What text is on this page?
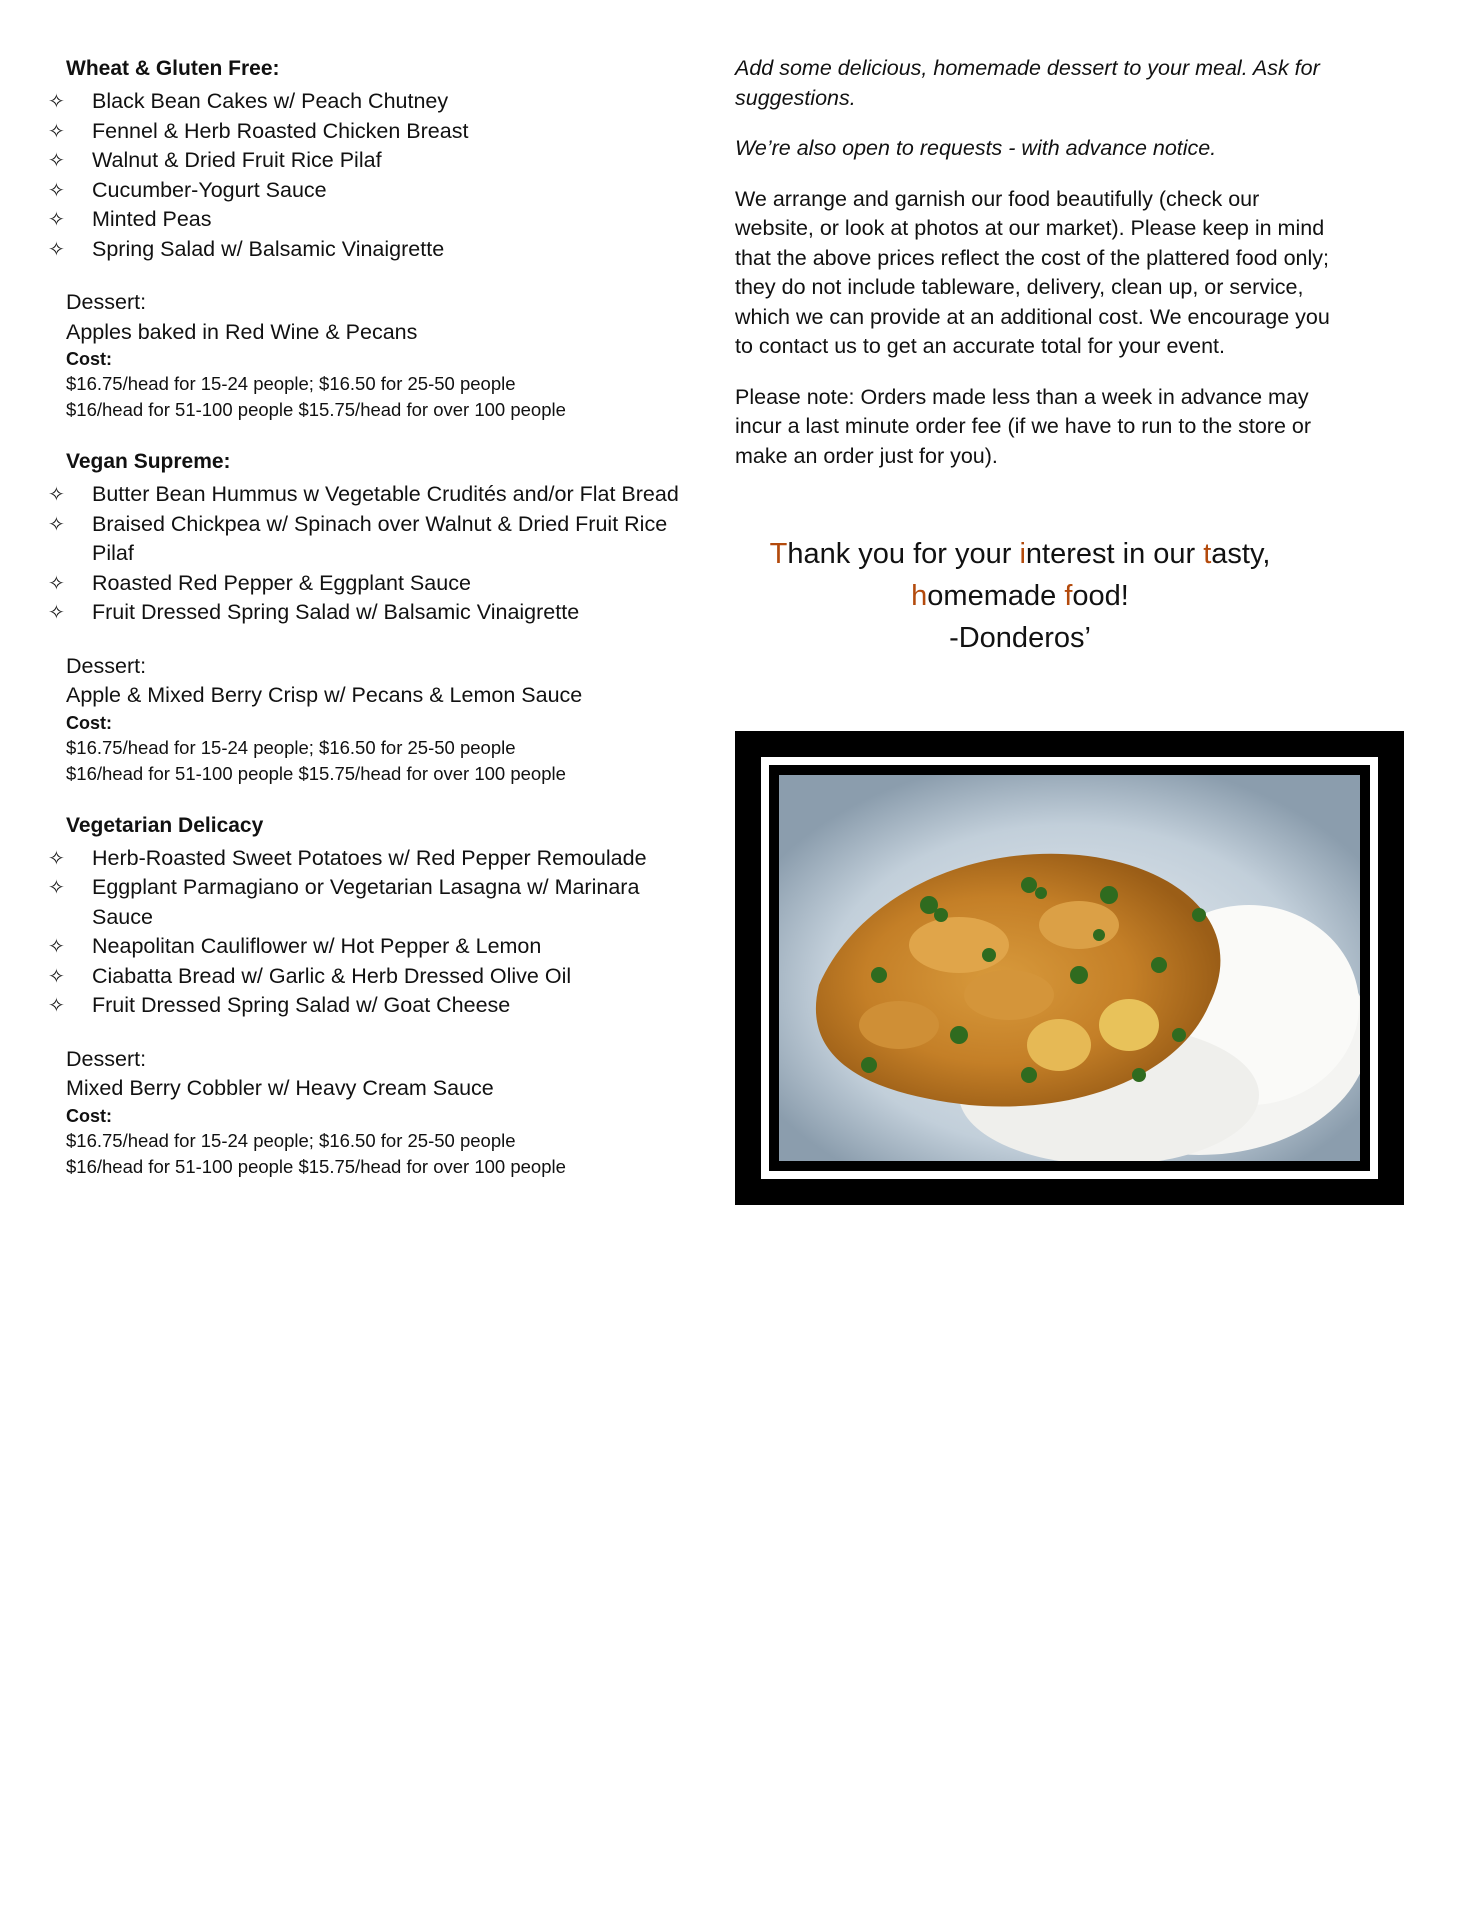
Wheat & Gluten Free:
✧ Black Bean Cakes w/ Peach Chutney
✧ Fennel & Herb Roasted Chicken Breast
✧ Walnut & Dried Fruit Rice Pilaf
✧ Cucumber-Yogurt Sauce
✧ Minted Peas
✧ Spring Salad w/ Balsamic Vinaigrette
Dessert:
Apples baked in Red Wine & Pecans
Cost:
$16.75/head for 15-24 people; $16.50 for 25-50 people
$16/head for 51-100 people $15.75/head for over 100 people
Vegan Supreme:
✧ Butter Bean Hummus w Vegetable Crudités and/or Flat Bread
✧ Braised Chickpea w/ Spinach over Walnut & Dried Fruit Rice Pilaf
✧ Roasted Red Pepper & Eggplant Sauce
✧ Fruit Dressed Spring Salad w/ Balsamic Vinaigrette
Dessert:
Apple & Mixed Berry Crisp w/ Pecans & Lemon Sauce
Cost:
$16.75/head for 15-24 people; $16.50 for 25-50 people
$16/head for 51-100 people $15.75/head for over 100 people
Vegetarian Delicacy
✧ Herb-Roasted Sweet Potatoes w/ Red Pepper Remoulade
✧ Eggplant Parmagiano or Vegetarian Lasagna w/ Marinara Sauce
✧ Neapolitan Cauliflower w/ Hot Pepper & Lemon
✧ Ciabatta Bread w/ Garlic & Herb Dressed Olive Oil
✧ Fruit Dressed Spring Salad w/ Goat Cheese
Dessert:
Mixed Berry Cobbler w/ Heavy Cream Sauce
Cost:
$16.75/head for 15-24 people; $16.50 for 25-50 people
$16/head for 51-100 people $15.75/head for over 100 people

Add some delicious, homemade dessert to your meal. Ask for suggestions.

We’re also open to requests - with advance notice.

We arrange and garnish our food beautifully (check our website, or look at photos at our market). Please keep in mind that the above prices reflect the cost of the plattered food only; they do not include tableware, delivery, clean up, or service, which we can provide at an additional cost. We encourage you to contact us to get an accurate total for your event.

Please note: Orders made less than a week in advance may incur a last minute order fee (if we have to run to the store or make an order just for you).

Thank you for your interest in our tasty,
homemade food!
-Donderos’
